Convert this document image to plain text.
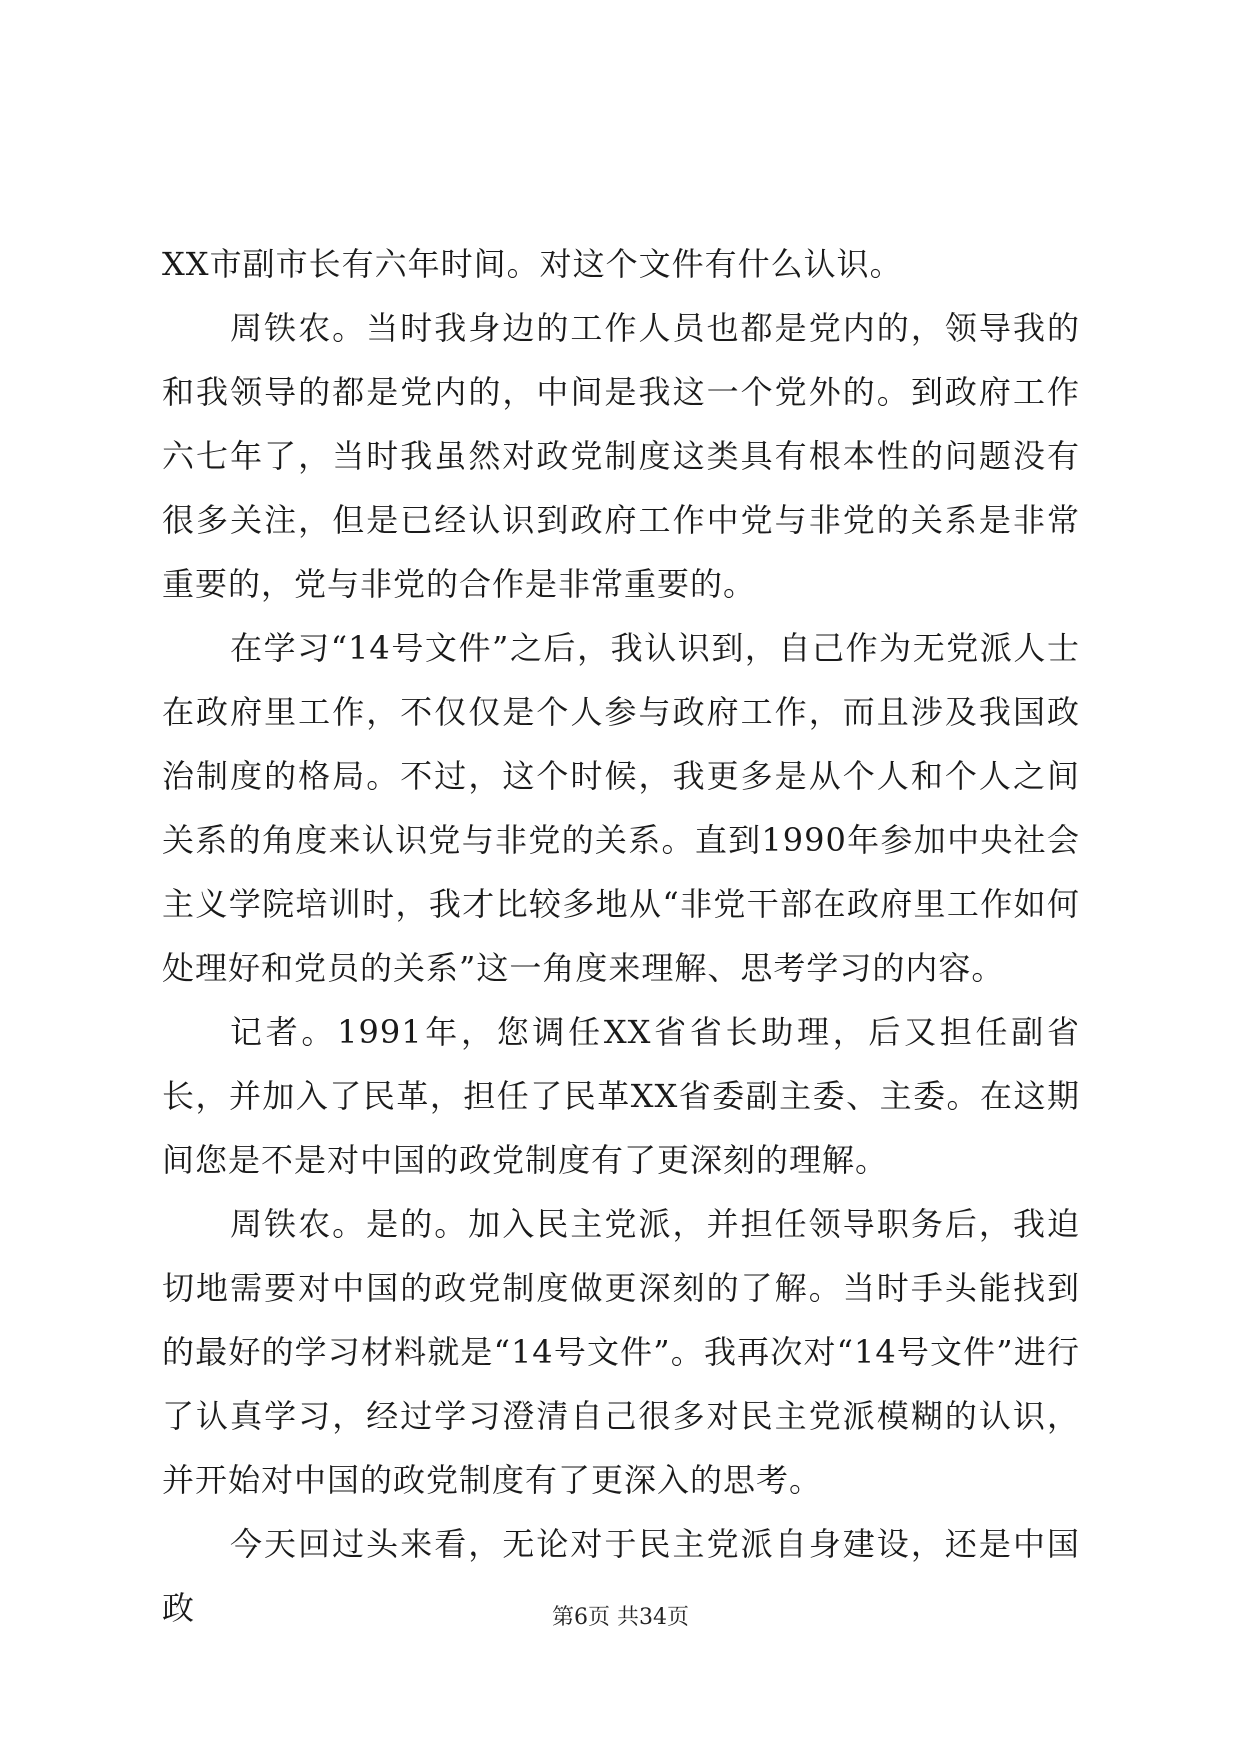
XX市副市长有六年时间。对这个文件有什么认识。

周铁农。当时我身边的工作人员也都是党内的，领导我的和我领导的都是党内的，中间是我这一个党外的。到政府工作六七年了，当时我虽然对政党制度这类具有根本性的问题没有很多关注，但是已经认识到政府工作中党与非党的关系是非常重要的，党与非党的合作是非常重要的。

在学习“14号文件”之后，我认识到，自己作为无党派人士在政府里工作，不仅仅是个人参与政府工作，而且涉及我国政治制度的格局。不过，这个时候，我更多是从个人和个人之间关系的角度来认识党与非党的关系。直到1990年参加中央社会主义学院培训时，我才比较多地从“非党干部在政府里工作如何处理好和党员的关系”这一角度来理解、思考学习的内容。

记者。1991年，您调任XX省省长助理，后又担任副省长，并加入了民革，担任了民革XX省委副主委、主委。在这期间您是不是对中国的政党制度有了更深刻的理解。

周铁农。是的。加入民主党派，并担任领导职务后，我迫切地需要对中国的政党制度做更深刻的了解。当时手头能找到的最好的学习材料就是“14号文件”。我再次对“14号文件”进行了认真学习，经过学习澄清自己很多对民主党派模糊的认识，并开始对中国的政党制度有了更深入的思考。

今天回过头来看，无论对于民主党派自身建设，还是中国政	第6页 共34页
